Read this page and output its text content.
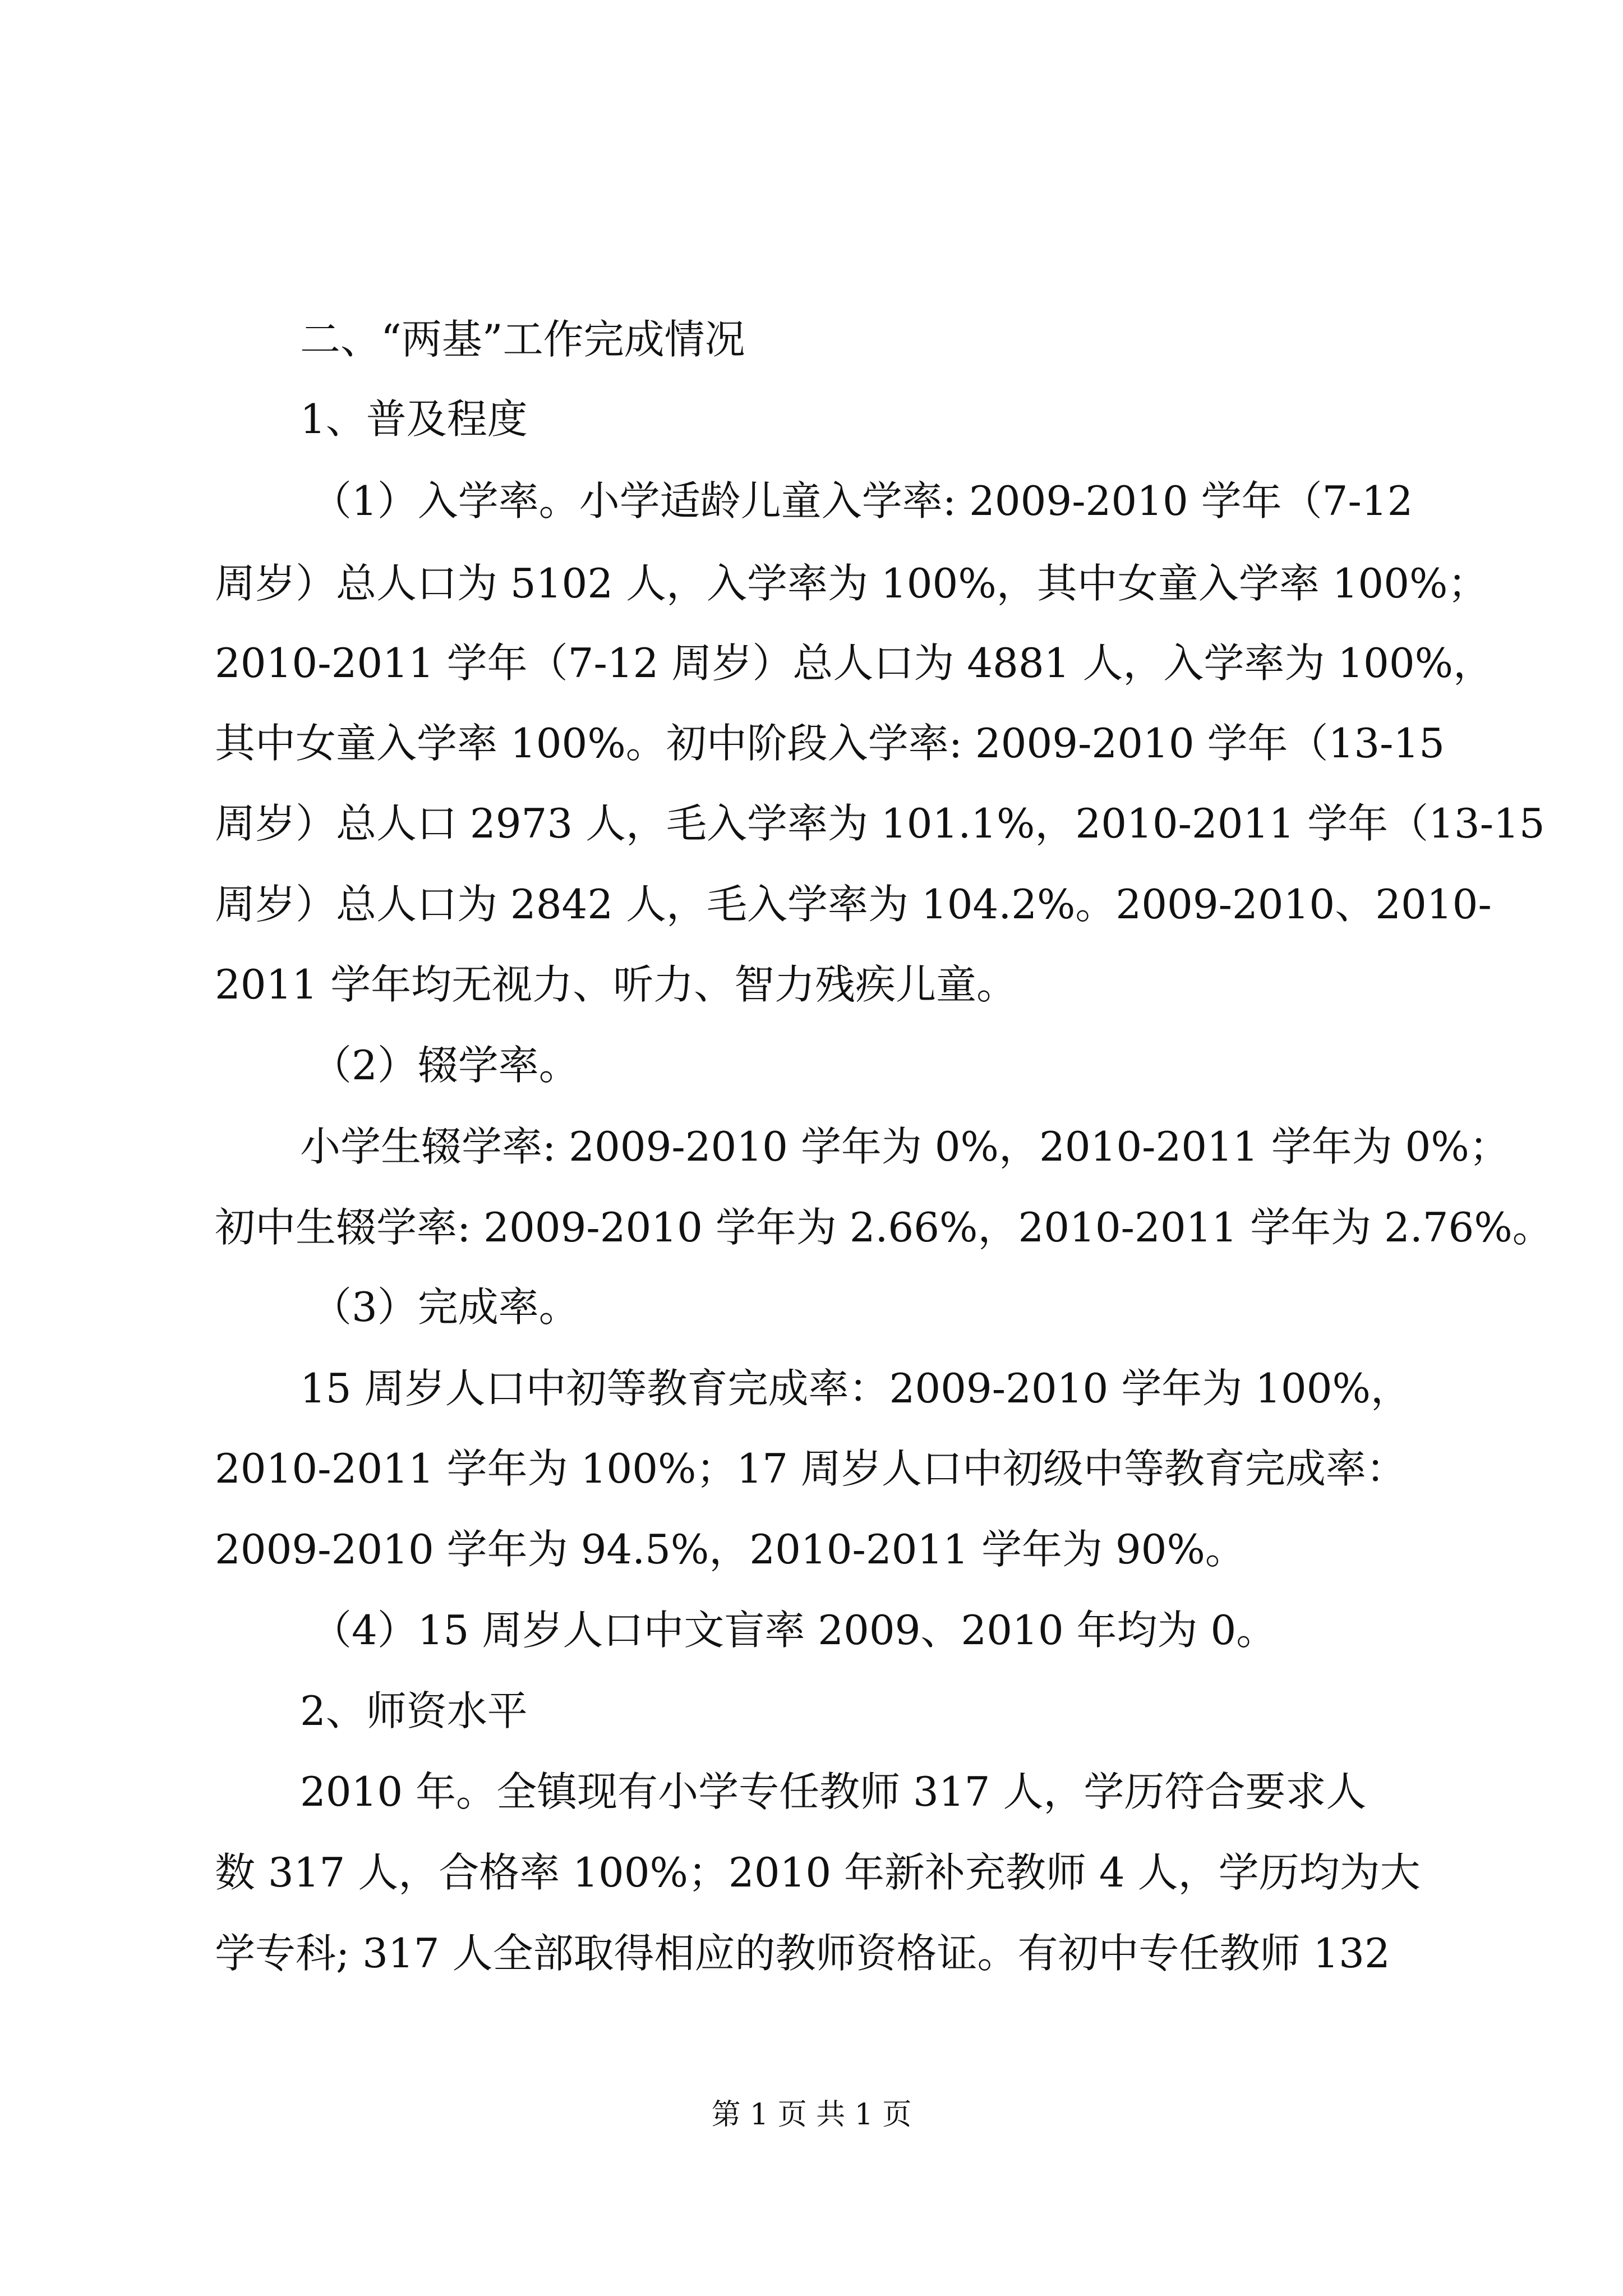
二、“两基”工作完成情况
1、普及程度
（1）入学率。小学适龄儿童入学率: 2009-2010 学年（7-12
周岁）总人口为 5102 人，入学率为 100%，其中女童入学率 100%；
2010-2011 学年（7-12 周岁）总人口为 4881 人，入学率为 100%，
其中女童入学率 100%。初中阶段入学率: 2009-2010 学年（13-15
周岁）总人口 2973 人，毛入学率为 101.1%，2010-2011 学年（13-15
周岁）总人口为 2842 人，毛入学率为 104.2%。2009-2010、2010-
2011 学年均无视力、听力、智力残疾儿童。
（2）辍学率。
小学生辍学率: 2009-2010 学年为 0%，2010-2011 学年为 0%；
初中生辍学率: 2009-2010 学年为 2.66%，2010-2011 学年为 2.76%。
（3）完成率。
15 周岁人口中初等教育完成率：2009-2010 学年为 100%，
2010-2011 学年为 100%；17 周岁人口中初级中等教育完成率：
2009-2010 学年为 94.5%，2010-2011 学年为 90%。
（4）15 周岁人口中文盲率 2009、2010 年均为 0。
2、师资水平
2010 年。全镇现有小学专任教师 317 人，学历符合要求人
数 317 人，合格率 100%；2010 年新补充教师 4 人，学历均为大
学专科; 317 人全部取得相应的教师资格证。有初中专任教师 132
第 1 页 共 1 页
